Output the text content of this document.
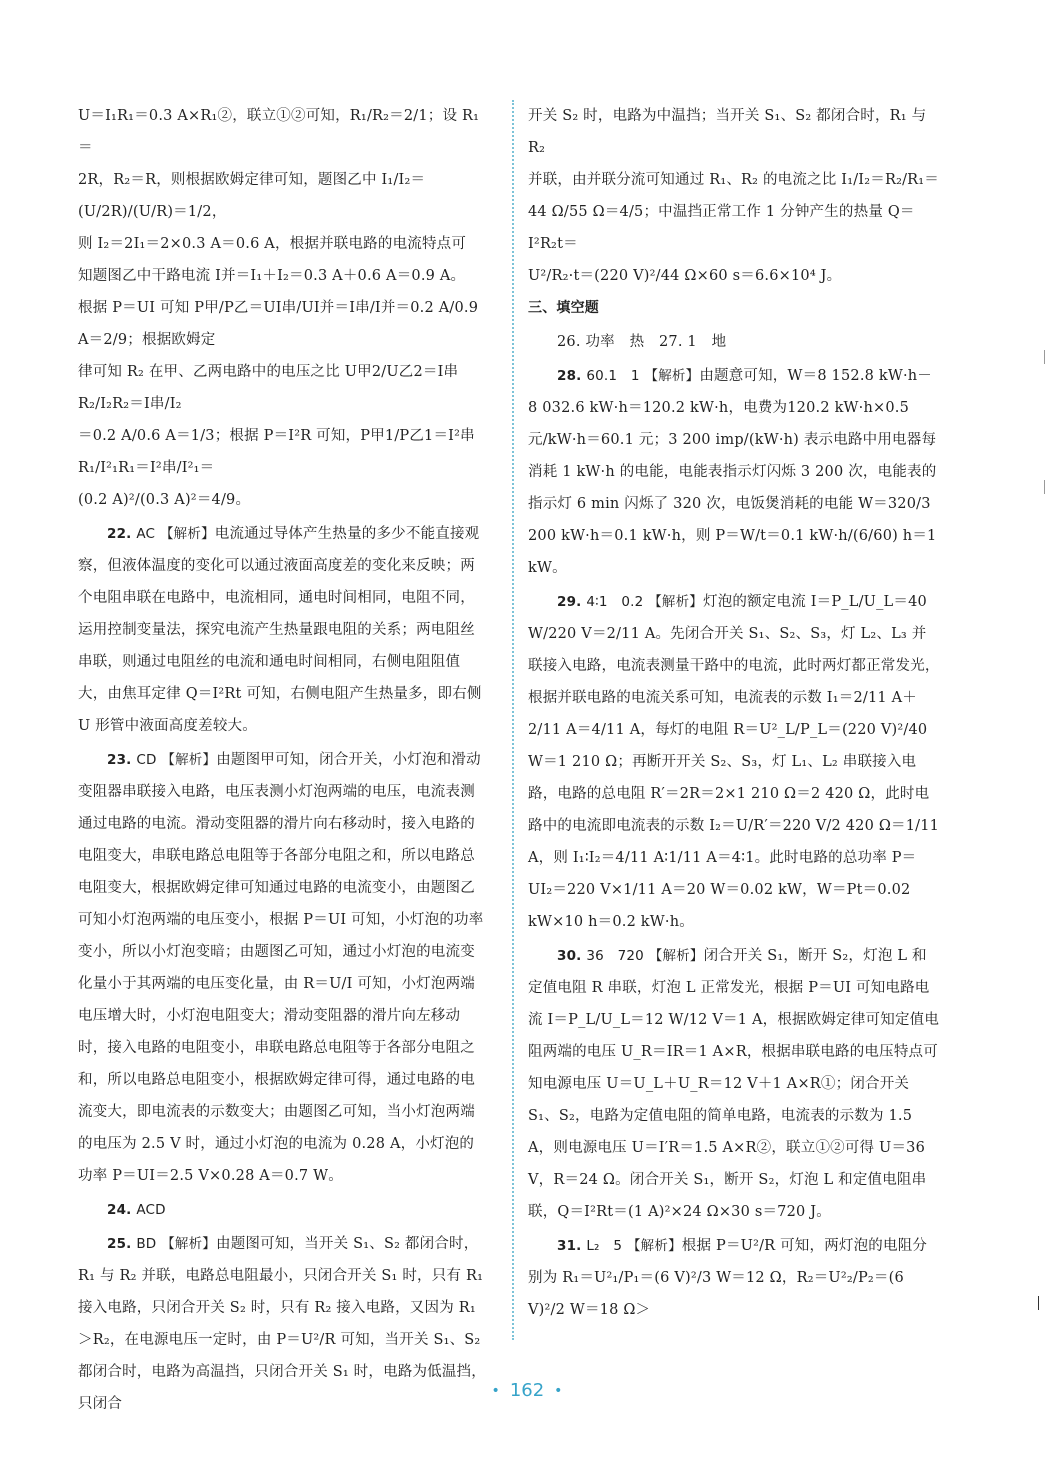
U＝I₁R₁＝0.3 A×R₁②，联立①②可知，R₁/R₂＝2/1；设 R₁＝

2R，R₂＝R，则根据欧姆定律可知，题图乙中 I₁/I₂＝(U/2R)/(U/R)＝1/2，

则 I₂＝2I₁＝2×0.3 A＝0.6 A，根据并联电路的电流特点可

知题图乙中干路电流 I并＝I₁＋I₂＝0.3 A＋0.6 A＝0.9 A。

根据 P＝UI 可知 P甲/P乙＝UI串/UI并＝I串/I并＝0.2 A/0.9 A＝2/9；根据欧姆定

律可知 R₂ 在甲、乙两电路中的电压之比 U甲2/U乙2＝I串R₂/I₂R₂＝I串/I₂

＝0.2 A/0.6 A＝1/3；根据 P＝I²R 可知，P甲1/P乙1＝I²串R₁/I²₁R₁＝I²串/I²₁＝

(0.2 A)²/(0.3 A)²＝4/9。

22. AC 【解析】电流通过导体产生热量的多少不能直接观察，但液体温度的变化可以通过液面高度差的变化来反映；两个电阻串联在电路中，电流相同，通电时间相同，电阻不同，运用控制变量法，探究电流产生热量跟电阻的关系；两电阻丝串联，则通过电阻丝的电流和通电时间相同，右侧电阻阻值大，由焦耳定律 Q＝I²Rt 可知，右侧电阻产生热量多，即右侧 U 形管中液面高度差较大。

23. CD 【解析】由题图甲可知，闭合开关，小灯泡和滑动变阻器串联接入电路，电压表测小灯泡两端的电压，电流表测通过电路的电流。滑动变阻器的滑片向右移动时，接入电路的电阻变大，串联电路总电阻等于各部分电阻之和，所以电路总电阻变大，根据欧姆定律可知通过电路的电流变小，由题图乙可知小灯泡两端的电压变小，根据 P＝UI 可知，小灯泡的功率变小，所以小灯泡变暗；由题图乙可知，通过小灯泡的电流变化量小于其两端的电压变化量，由 R＝U/I 可知，小灯泡两端电压增大时，小灯泡电阻变大；滑动变阻器的滑片向左移动时，接入电路的电阻变小，串联电路总电阻等于各部分电阻之和，所以电路总电阻变小，根据欧姆定律可得，通过电路的电流变大，即电流表的示数变大；由题图乙可知，当小灯泡两端的电压为 2.5 V 时，通过小灯泡的电流为 0.28 A，小灯泡的功率 P＝UI＝2.5 V×0.28 A＝0.7 W。

24. ACD

25. BD 【解析】由题图可知，当开关 S₁、S₂ 都闭合时，R₁ 与 R₂ 并联，电路总电阻最小，只闭合开关 S₁ 时，只有 R₁ 接入电路，只闭合开关 S₂ 时，只有 R₂ 接入电路，又因为 R₁＞R₂，在电源电压一定时，由 P＝U²/R 可知，当开关 S₁、S₂ 都闭合时，电路为高温挡，只闭合开关 S₁ 时，电路为低温挡，只闭合

开关 S₂ 时，电路为中温挡；当开关 S₁、S₂ 都闭合时，R₁ 与 R₂

并联，由并联分流可知通过 R₁、R₂ 的电流之比 I₁/I₂＝R₂/R₁＝

44 Ω/55 Ω＝4/5；中温挡正常工作 1 分钟产生的热量 Q＝I²R₂t＝

U²/R₂·t＝(220 V)²/44 Ω×60 s＝6.6×10⁴ J。

三、填空题

26. 功率　热　27. 1　地

28. 60.1　1 【解析】由题意可知，W＝8 152.8 kW·h－8 032.6 kW·h＝120.2 kW·h，电费为120.2 kW·h×0.5 元/kW·h＝60.1 元；3 200 imp/(kW·h) 表示电路中用电器每消耗 1 kW·h 的电能，电能表指示灯闪烁 3 200 次，电能表的指示灯 6 min 闪烁了 320 次，电饭煲消耗的电能 W＝320/3 200 kW·h＝0.1 kW·h，则 P＝W/t＝0.1 kW·h/(6/60) h＝1 kW。

29. 4∶1　0.2 【解析】灯泡的额定电流 I＝P_L/U_L＝40 W/220 V＝2/11 A。先闭合开关 S₁、S₂、S₃，灯 L₂、L₃ 并联接入电路，电流表测量干路中的电流，此时两灯都正常发光，根据并联电路的电流关系可知，电流表的示数 I₁＝2/11 A＋2/11 A＝4/11 A，每灯的电阻 R＝U²_L/P_L＝(220 V)²/40 W＝1 210 Ω；再断开开关 S₂、S₃，灯 L₁、L₂ 串联接入电路，电路的总电阻 R′＝2R＝2×1 210 Ω＝2 420 Ω，此时电路中的电流即电流表的示数 I₂＝U/R′＝220 V/2 420 Ω＝1/11 A，则 I₁∶I₂＝4/11 A∶1/11 A＝4∶1。此时电路的总功率 P＝UI₂＝220 V×1/11 A＝20 W＝0.02 kW，W＝Pt＝0.02 kW×10 h＝0.2 kW·h。

30. 36　720 【解析】闭合开关 S₁，断开 S₂，灯泡 L 和定值电阻 R 串联，灯泡 L 正常发光，根据 P＝UI 可知电路电流 I＝P_L/U_L＝12 W/12 V＝1 A，根据欧姆定律可知定值电阻两端的电压 U_R＝IR＝1 A×R，根据串联电路的电压特点可知电源电压 U＝U_L＋U_R＝12 V＋1 A×R①；闭合开关 S₁、S₂，电路为定值电阻的简单电路，电流表的示数为 1.5 A，则电源电压 U＝I′R＝1.5 A×R②，联立①②可得 U＝36 V，R＝24 Ω。闭合开关 S₁，断开 S₂，灯泡 L 和定值电阻串联，Q＝I²Rt＝(1 A)²×24 Ω×30 s＝720 J。

31. L₂　5 【解析】根据 P＝U²/R 可知，两灯泡的电阻分别为 R₁＝U²₁/P₁＝(6 V)²/3 W＝12 Ω，R₂＝U²₂/P₂＝(6 V)²/2 W＝18 Ω＞

• 162 •
